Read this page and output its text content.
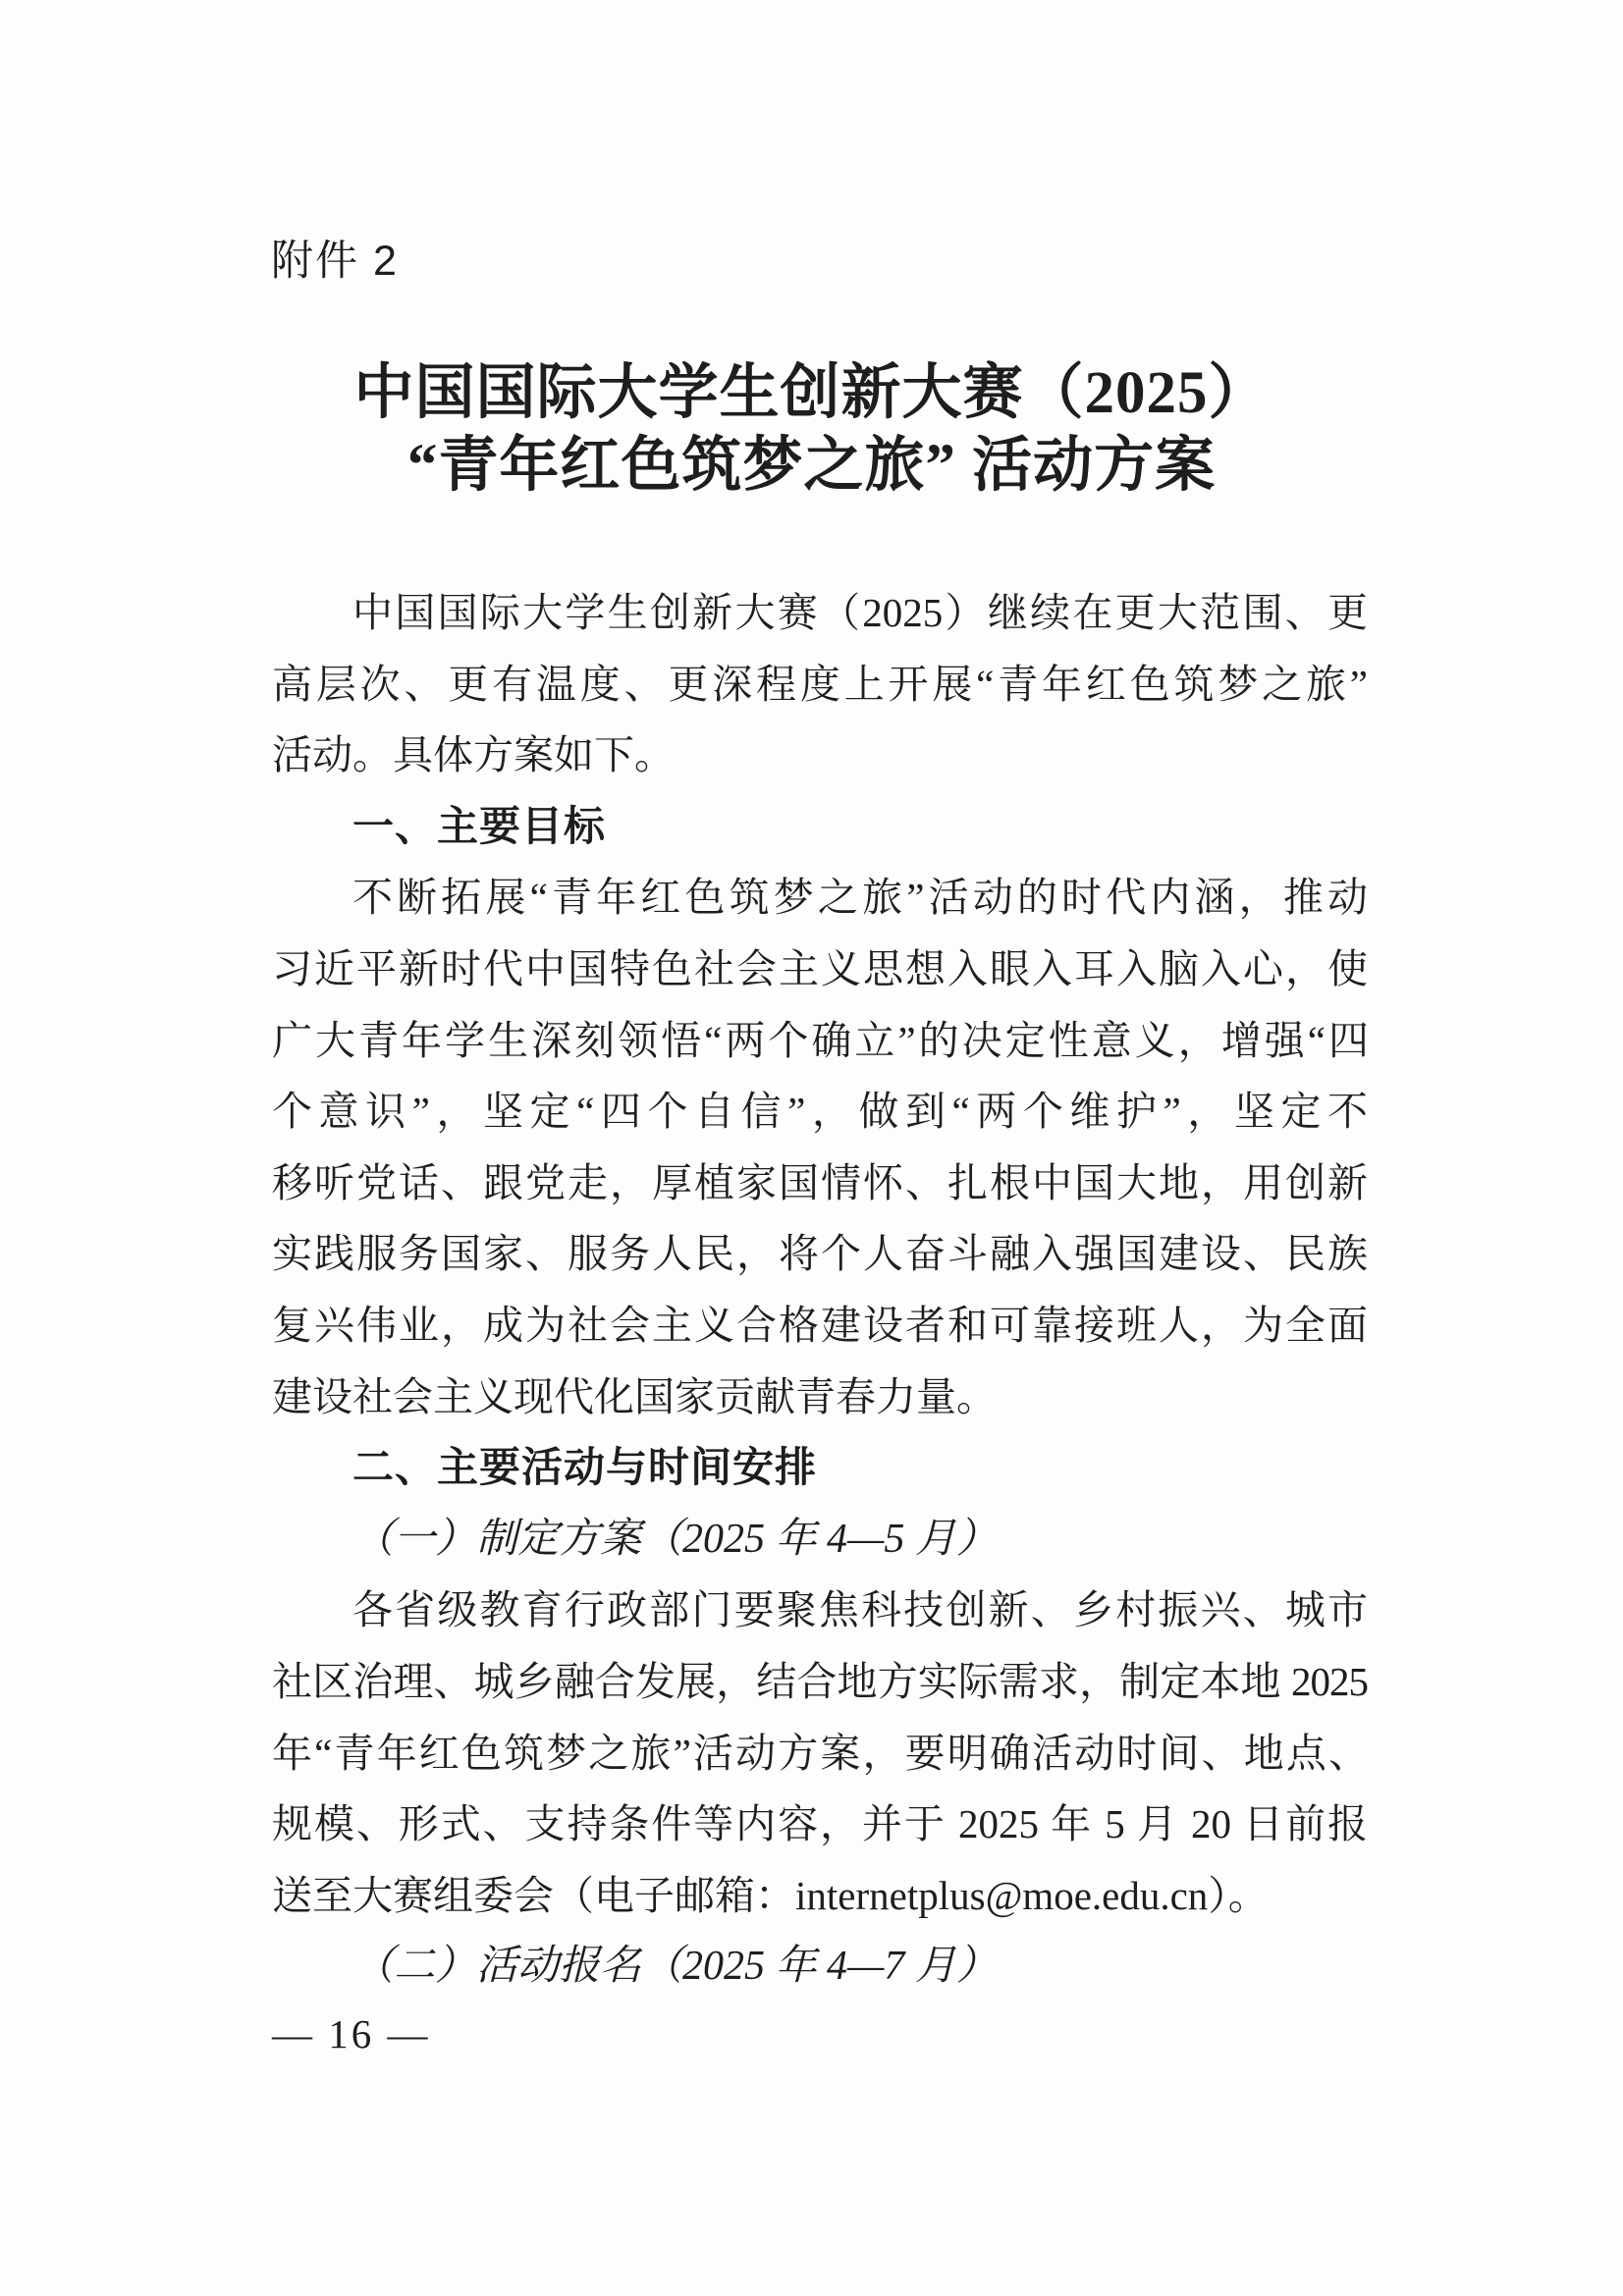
附件 2
中国国际大学生创新大赛（2025）
“青年红色筑梦之旅” 活动方案
中国国际大学生创新大赛（2025）继续在更大范围、更
高层次、更有温度、更深程度上开展“青年红色筑梦之旅”
活动。具体方案如下。
一、主要目标
不断拓展“青年红色筑梦之旅”活动的时代内涵，推动
习近平新时代中国特色社会主义思想入眼入耳入脑入心，使
广大青年学生深刻领悟“两个确立”的决定性意义，增强“四
个意识”，坚定“四个自信”，做到“两个维护”，坚定不
移听党话、跟党走，厚植家国情怀、扎根中国大地，用创新
实践服务国家、服务人民，将个人奋斗融入强国建设、民族
复兴伟业，成为社会主义合格建设者和可靠接班人，为全面
建设社会主义现代化国家贡献青春力量。
二、主要活动与时间安排
（一）制定方案（2025 年 4—5 月）
各省级教育行政部门要聚焦科技创新、乡村振兴、城市
社区治理、城乡融合发展，结合地方实际需求，制定本地 2025
年“青年红色筑梦之旅”活动方案，要明确活动时间、地点、
规模、形式、支持条件等内容，并于 2025 年 5 月 20 日前报
送至大赛组委会（电子邮箱：internetplus@moe.edu.cn）。
（二）活动报名（2025 年 4—7 月）
— 16 —
